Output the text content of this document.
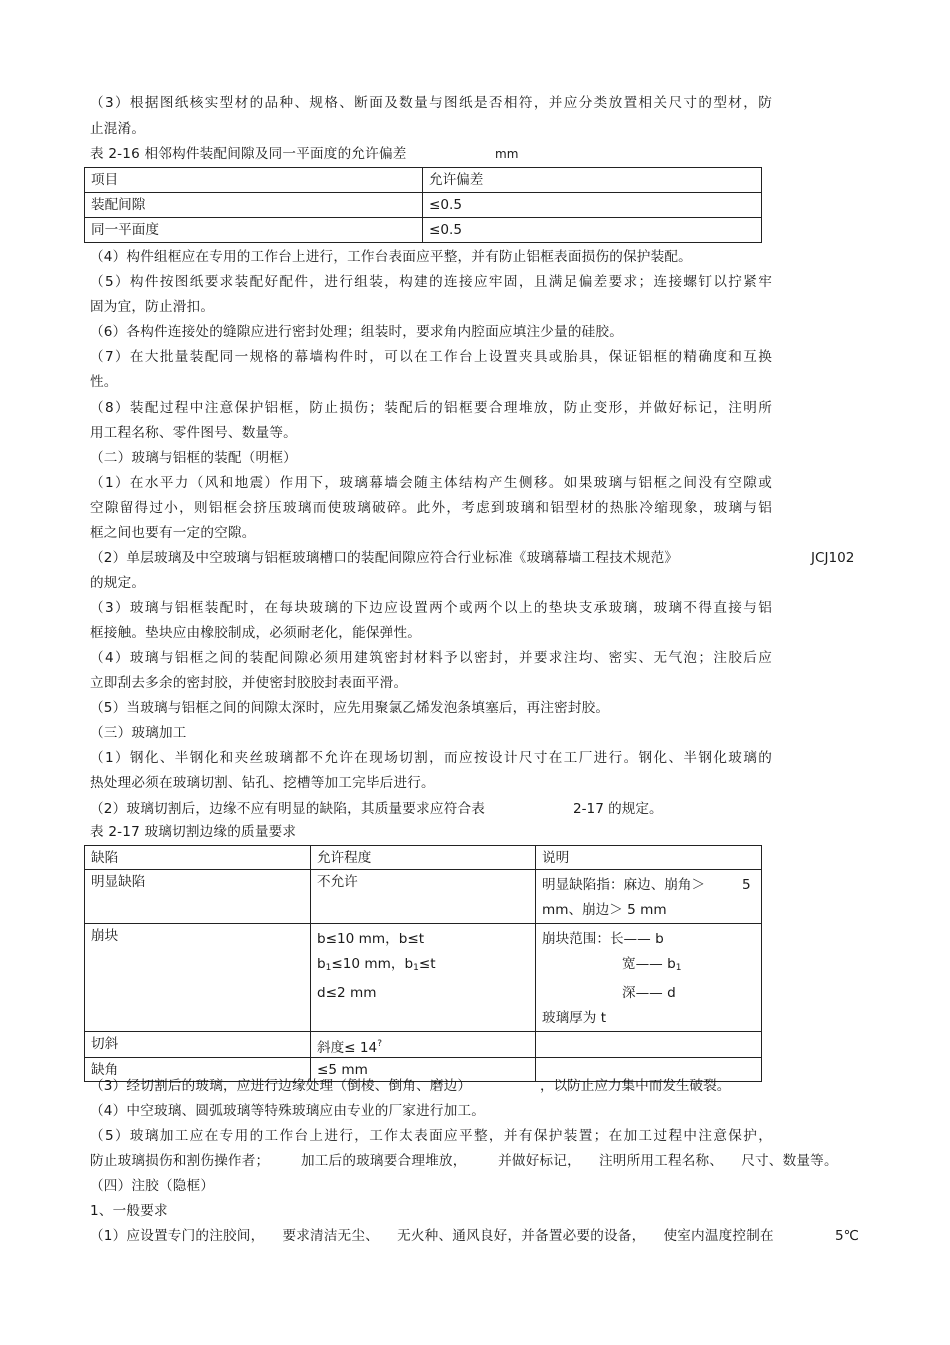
（3）根据图纸核实型材的品种、规格、断面及数量与图纸是否相符，并应分类放置相关尺寸的型材，防
止混淆。
表 2-16 相邻构件装配间隙及同一平面度的允许偏差	mm
项目	允许偏差
装配间隙	≤0.5
同一平面度	≤0.5
（4）构件组框应在专用的工作台上进行，工作台表面应平整，并有防止铝框表面损伤的保护装配。
（5）构件按图纸要求装配好配件，进行组装，构建的连接应牢固，且满足偏差要求；连接螺钉以拧紧牢
固为宜，防止滑扣。
（6）各构件连接处的缝隙应进行密封处理；组装时，要求角内腔面应填注少量的硅胶。
（7）在大批量装配同一规格的幕墙构件时，可以在工作台上设置夹具或胎具，保证铝框的精确度和互换
性。
（8）装配过程中注意保护铝框，防止损伤；装配后的铝框要合理堆放，防止变形，并做好标记，注明所
用工程名称、零件图号、数量等。
（二）玻璃与铝框的装配（明框）
（1）在水平力（风和地震）作用下，玻璃幕墙会随主体结构产生侧移。如果玻璃与铝框之间没有空隙或
空隙留得过小，则铝框会挤压玻璃而使玻璃破碎。此外，考虑到玻璃和铝型材的热胀冷缩现象，玻璃与铝
框之间也要有一定的空隙。
（2）单层玻璃及中空玻璃与铝框玻璃槽口的装配间隙应符合行业标准《玻璃幕墙工程技术规范》	JCJ102
的规定。
（3）玻璃与铝框装配时，在每块玻璃的下边应设置两个或两个以上的垫块支承玻璃，玻璃不得直接与铝
框接触。垫块应由橡胶制成，必须耐老化，能保弹性。
（4）玻璃与铝框之间的装配间隙必须用建筑密封材料予以密封，并要求注均、密实、无气泡；注胶后应
立即刮去多余的密封胶，并使密封胶胶封表面平滑。
（5）当玻璃与铝框之间的间隙太深时，应先用聚氯乙烯发泡条填塞后，再注密封胶。
（三）玻璃加工
（1）钢化、半钢化和夹丝玻璃都不允许在现场切割，而应按设计尺寸在工厂进行。钢化、半钢化玻璃的
热处理必须在玻璃切割、钻孔、挖槽等加工完毕后进行。
（2）玻璃切割后，边缘不应有明显的缺陷，其质量要求应符合表	2-17 的规定。
表 2-17 玻璃切割边缘的质量要求
缺陷	允许程度	说明
明显缺陷	不允许	明显缺陷指：麻边、崩角＞ 5
mm、崩边＞ 5 mm

崩块	b≤10 mm，b≤t
$b_1\le 10$ mm，$b_1\le t$
d≤2 mm	崩块范围：长—— b
宽—— $b_1$
深—— d
玻璃厚为 t

切斜	斜度≤ 14?	
缺角	≤5 mm	
（3）经切割后的玻璃，应进行边缘处理（倒棱、倒角、磨边）	，以防止应力集中而发生破裂。
（4）中空玻璃、圆弧玻璃等特殊玻璃应由专业的厂家进行加工。
（5）玻璃加工应在专用的工作台上进行，工作太表面应平整，并有保护装置；在加工过程中注意保护，
防止玻璃损伤和割伤操作者；       加工后的玻璃要合理堆放，       并做好标记，    注明所用工程名称、    尺寸、数量等。
（四）注胶（隐框）
1、一般要求
（1）应设置专门的注胶间，    要求清洁无尘、    无火种、通风良好，并备置必要的设备，    使室内温度控制在	5℃
